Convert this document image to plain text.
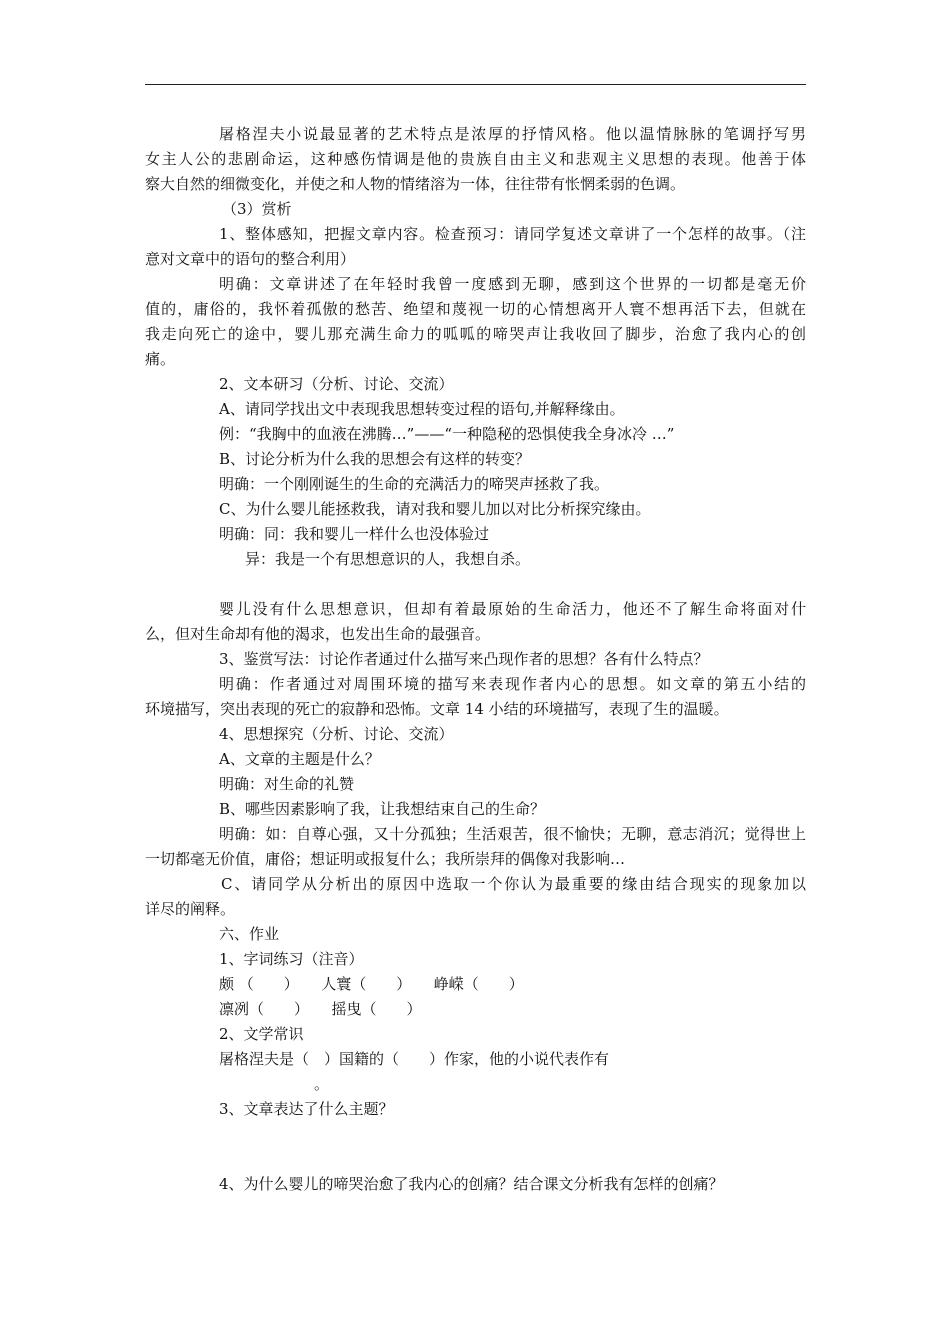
屠格涅夫小说最显著的艺术特点是浓厚的抒情风格。他以温情脉脉的笔调抒写男
女主人公的悲剧命运，这种感伤情调是他的贵族自由主义和悲观主义思想的表现。他善于体
察大自然的细微变化，并使之和人物的情绪溶为一体，往往带有怅惘柔弱的色调。
（3）赏析
1、整体感知，把握文章内容。检查预习：请同学复述文章讲了一个怎样的故事。（注
意对文章中的语句的整合利用）
明确：文章讲述了在年轻时我曾一度感到无聊，感到这个世界的一切都是毫无价
值的，庸俗的，我怀着孤傲的愁苦、绝望和蔑视一切的心情想离开人寰不想再活下去，但就在
我走向死亡的途中，婴儿那充满生命力的呱呱的啼哭声让我收回了脚步，治愈了我内心的创
痛。
2、文本研习（分析、讨论、交流）
A、请同学找出文中表现我思想转变过程的语句,并解释缘由。
例：“我胸中的血液在沸腾…”——“一种隐秘的恐惧使我全身冰冷 …”
B、讨论分析为什么我的思想会有这样的转变？
明确：一个刚刚诞生的生命的充满活力的啼哭声拯救了我。
C、为什么婴儿能拯救我，请对我和婴儿加以对比分析探究缘由。
明确：同：我和婴儿一样什么也没体验过
异：我是一个有思想意识的人，我想自杀。
婴儿没有什么思想意识，但却有着最原始的生命活力，他还不了解生命将面对什
么，但对生命却有他的渴求，也发出生命的最强音。
3、鉴赏写法：讨论作者通过什么描写来凸现作者的思想？各有什么特点？
明确：作者通过对周围环境的描写来表现作者内心的思想。如文章的第五小结的
环境描写，突出表现的死亡的寂静和恐怖。文章 14 小结的环境描写，表现了生的温暖。
4、思想探究（分析、讨论、交流）
A、文章的主题是什么？
明确：对生命的礼赞
B、哪些因素影响了我，让我想结束自己的生命？
明确：如：自尊心强，又十分孤独；生活艰苦，很不愉快；无聊，意志消沉；觉得世上
一切都毫无价值，庸俗；想证明或报复什么；我所崇拜的偶像对我影响…
C、请同学从分析出的原因中选取一个你认为最重要的缘由结合现实的现象加以
详尽的阐释。
六、作业
1、字词练习（注音）
颇 （　　）　　人寰（　　）　　峥嵘（　　）
凛冽（　　）　　摇曳（　　）
2、文学常识
屠格涅夫是（　）国籍的（　　）作家，他的小说代表作有
。
3、文章表达了什么主题？
4、为什么婴儿的啼哭治愈了我内心的创痛？结合课文分析我有怎样的创痛？
